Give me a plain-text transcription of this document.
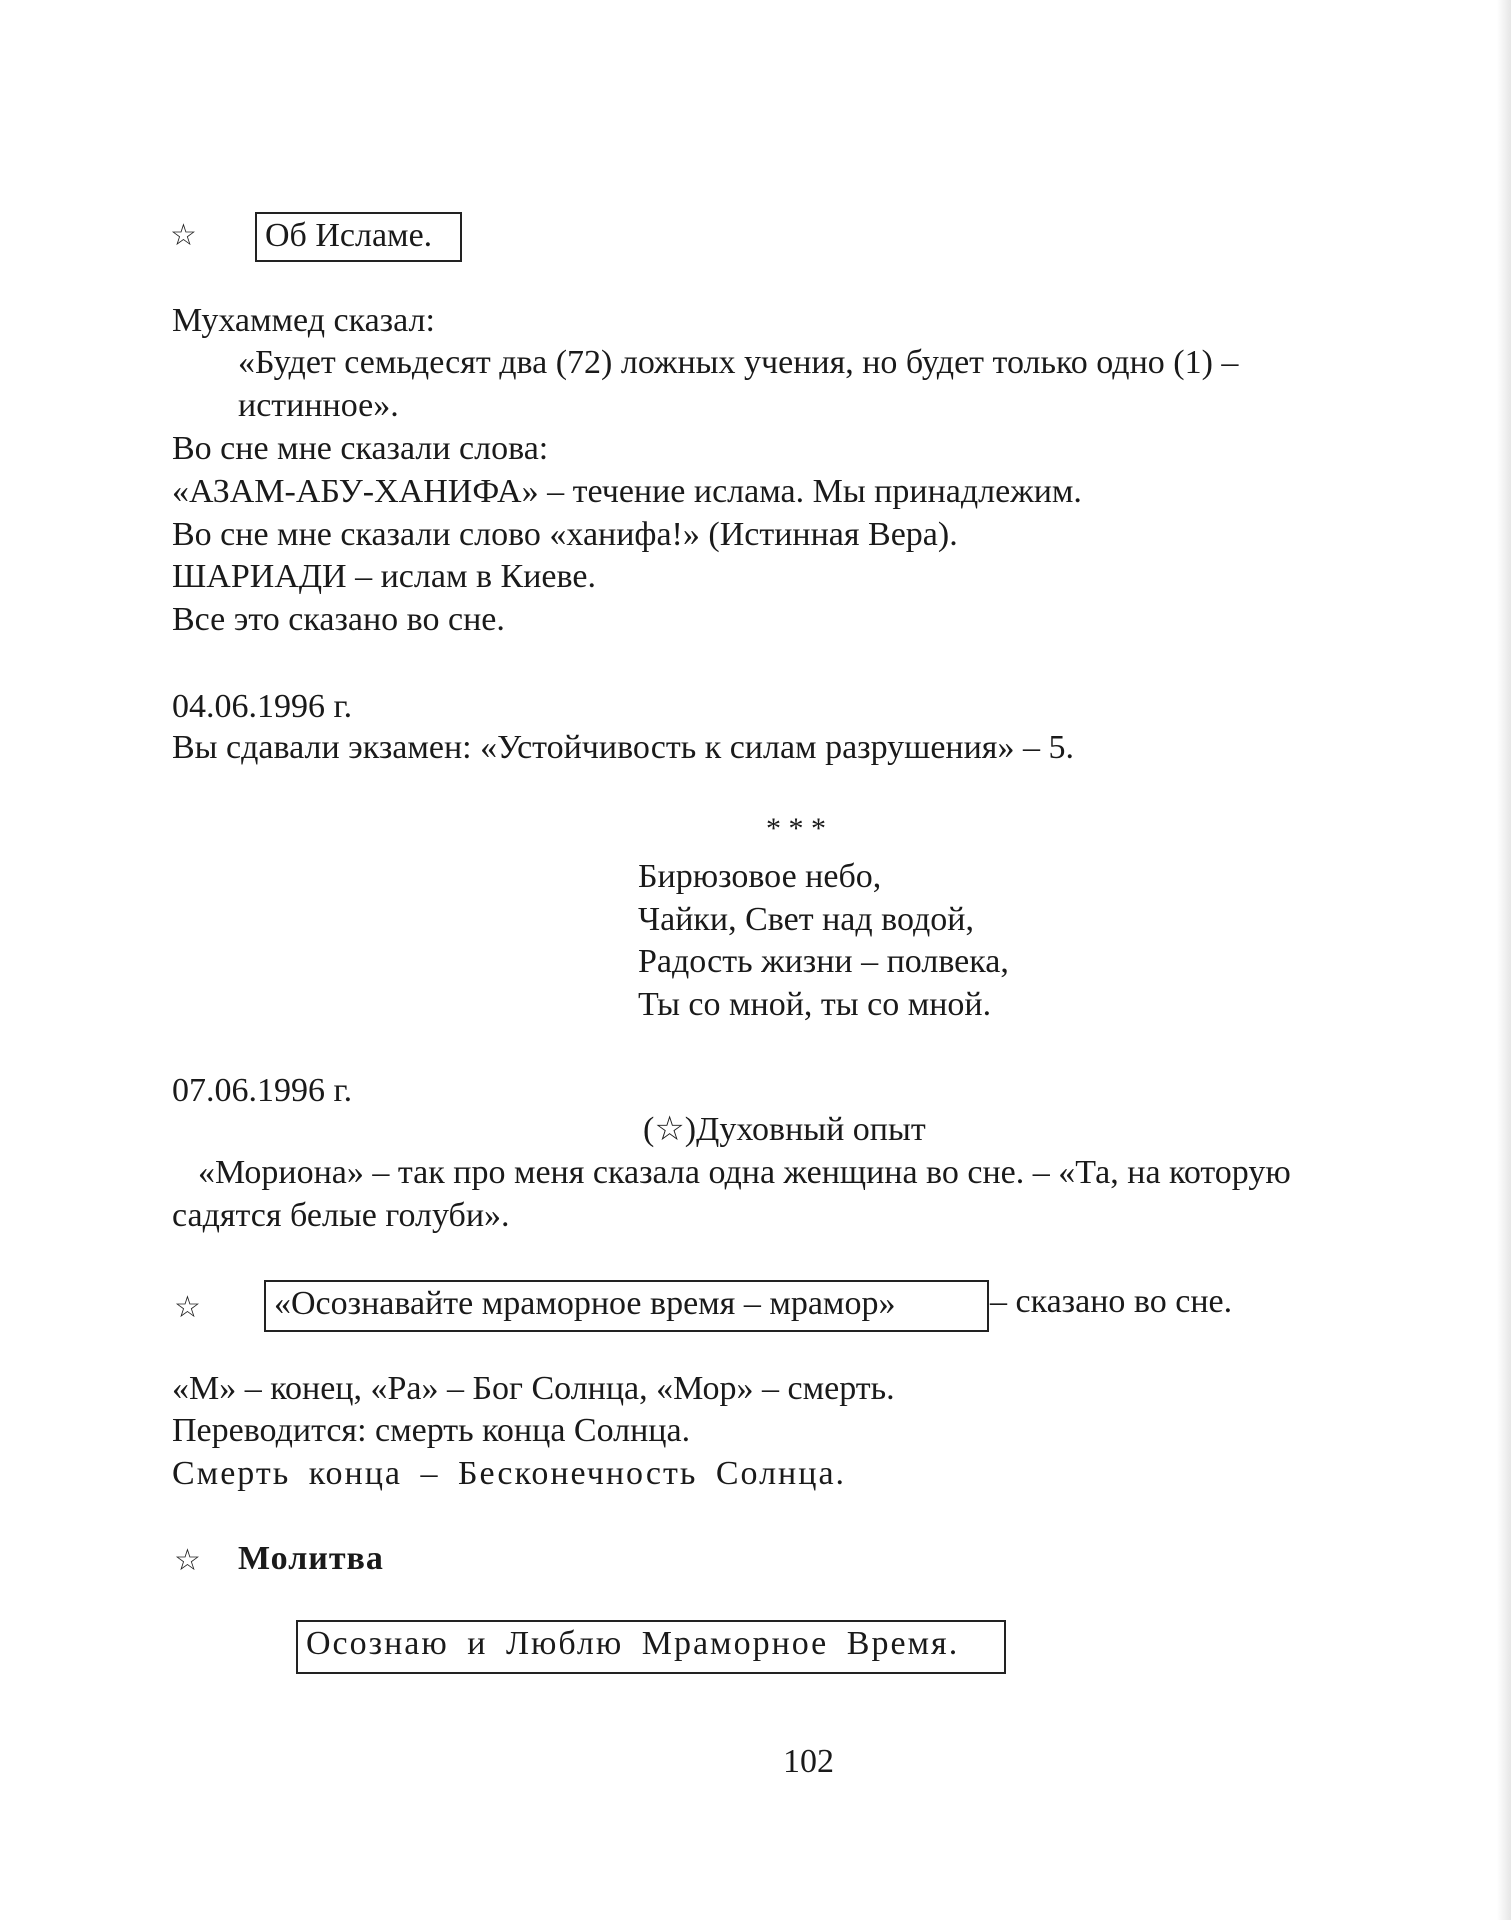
☆ Об Исламе.
Мухаммед сказал:
«Будет семьдесят два (72) ложных учения, но будет только одно (1) –
истинное».
Во сне мне сказали слова:
«АЗАМ-АБУ-ХАНИФА» – течение ислама. Мы принадлежим.
Во сне мне сказали слово «ханифа!» (Истинная Вера).
ШАРИАДИ – ислам в Киеве.
Все это сказано во сне.
04.06.1996 г.
Вы сдавали экзамен: «Устойчивость к силам разрушения» – 5.
* * *
Бирюзовое небо,
Чайки, Свет над водой,
Радость жизни – полвека,
Ты со мной, ты со мной.
07.06.1996 г.
(☆)Духовный опыт
«Мориона» – так про меня сказала одна женщина во сне. – «Та, на которую
садятся белые голуби».
☆ «Осознавайте мраморное время – мрамор»	– сказано во сне.
«М» – конец, «Ра» – Бог Солнца, «Мор» – смерть.
Переводится: смерть конца Солнца.
Смерть конца – Бесконечность Солнца.
☆ Молитва
Осознаю и Люблю Мраморное Время.
102
